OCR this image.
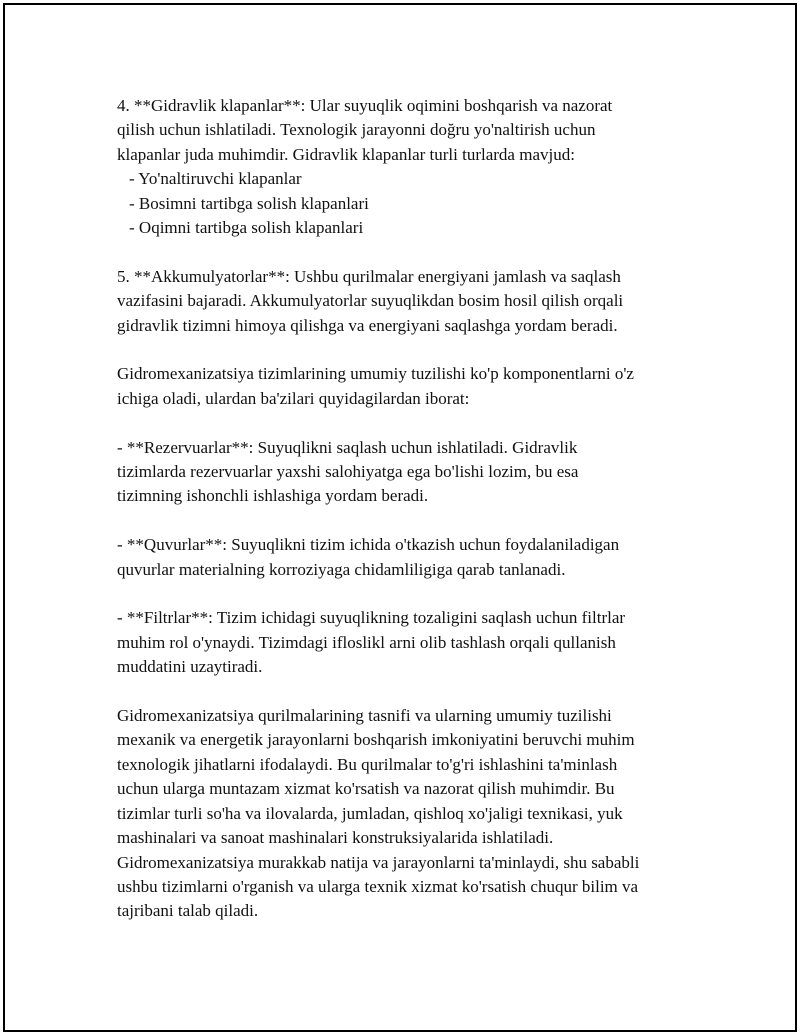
4. **Gidravlik klapanlar**: Ular suyuqlik oqimini boshqarish va nazorat
qilish uchun ishlatiladi. Texnologik jarayonni doğru yo'naltirish uchun
klapanlar juda muhimdir. Gidravlik klapanlar turli turlarda mavjud:
- Yo'naltiruvchi klapanlar
- Bosimni tartibga solish klapanlari
- Oqimni tartibga solish klapanlari
5. **Akkumulyatorlar**: Ushbu qurilmalar energiyani jamlash va saqlash
vazifasini bajaradi. Akkumulyatorlar suyuqlikdan bosim hosil qilish orqali
gidravlik tizimni himoya qilishga va energiyani saqlashga yordam beradi.
Gidromexanizatsiya tizimlarining umumiy tuzilishi ko'p komponentlarni o'z
ichiga oladi, ulardan ba'zilari quyidagilardan iborat:
- **Rezervuarlar**: Suyuqlikni saqlash uchun ishlatiladi. Gidravlik
tizimlarda rezervuarlar yaxshi salohiyatga ega bo'lishi lozim, bu esa
tizimning ishonchli ishlashiga yordam beradi.
- **Quvurlar**: Suyuqlikni tizim ichida o'tkazish uchun foydalaniladigan
quvurlar materialning korroziyaga chidamliligiga qarab tanlanadi.
- **Filtrlar**: Tizim ichidagi suyuqlikning tozaligini saqlash uchun filtrlar
muhim rol o'ynaydi. Tizimdagi ifloslikl arni olib tashlash orqali qullanish
muddatini uzaytiradi.
Gidromexanizatsiya qurilmalarining tasnifi va ularning umumiy tuzilishi
mexanik va energetik jarayonlarni boshqarish imkoniyatini beruvchi muhim
texnologik jihatlarni ifodalaydi. Bu qurilmalar to'g'ri ishlashini ta'minlash
uchun ularga muntazam xizmat ko'rsatish va nazorat qilish muhimdir. Bu
tizimlar turli so'ha va ilovalarda, jumladan, qishloq xo'jaligi texnikasi, yuk
mashinalari va sanoat mashinalari konstruksiyalarida ishlatiladi.
Gidromexanizatsiya murakkab natija va jarayonlarni ta'minlaydi, shu sababli
ushbu tizimlarni o'rganish va ularga texnik xizmat ko'rsatish chuqur bilim va
tajribani talab qiladi.
